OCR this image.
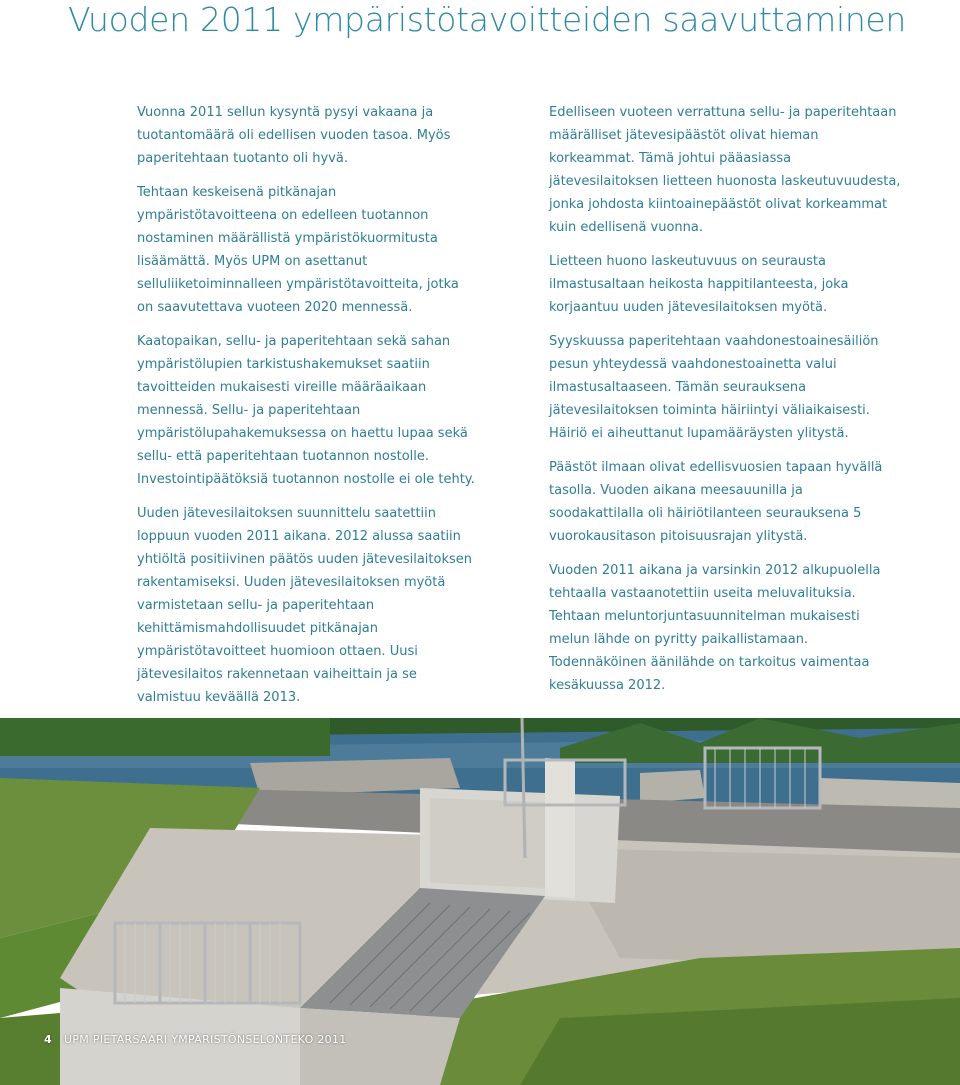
Vuoden 2011 ympäristötavoitteiden saavuttaminen

Vuonna 2011 sellun kysyntä pysyi vakaana ja tuotantomäärä oli edellisen vuoden tasoa. Myös paperitehtaan tuotanto oli hyvä.

Tehtaan keskeisenä pitkänajan ympäristötavoitteena on edelleen tuotannon nostaminen määrällistä ympäristökuormitusta lisäämättä. Myös UPM on asettanut selluliiketoiminnalleen ympäristötavoitteita, jotka on saavutettava vuoteen 2020 mennessä.

Kaatopaikan, sellu- ja paperitehtaan sekä sahan ympäristölupien tarkistushakemukset saatiin tavoitteiden mukaisesti vireille määräaikaan mennessä. Sellu- ja paperitehtaan ympäristölupahakemuksessa on haettu lupaa sekä sellu- että paperitehtaan tuotannon nostolle. Investointipäätöksiä tuotannon nostolle ei ole tehty.

Uuden jätevesilaitoksen suunnittelu saatettiin loppuun vuoden 2011 aikana. 2012 alussa saatiin yhtiöltä positiivinen päätös uuden jätevesilaitoksen rakentamiseksi. Uuden jätevesilaitoksen myötä varmistetaan sellu- ja paperitehtaan kehittämismahdollisuudet pitkänajan ympäristötavoitteet huomioon ottaen. Uusi jätevesilaitos rakennetaan vaiheittain ja se valmistuu keväällä 2013.

Edelliseen vuoteen verrattuna sellu- ja paperitehtaan määrälliset jätevesipäästöt olivat hieman korkeammat. Tämä johtui pääasiassa jätevesilaitoksen lietteen huonosta laskeutuvuudesta, jonka johdosta kiintoainepäästöt olivat korkeammat kuin edellisenä vuonna.

Lietteen huono laskeutuvuus on seurausta ilmastusaltaan heikosta happitilanteesta, joka korjaantuu uuden jätevesilaitoksen myötä.

Syyskuussa paperitehtaan vaahdonestoainesäiliön pesun yhteydessä vaahdonestoainetta valui ilmastusaltaaseen. Tämän seurauksena jätevesilaitoksen toiminta häiriintyi väliaikaisesti. Häiriö ei aiheuttanut lupamääräysten ylitystä.

Päästöt ilmaan olivat edellisvuosien tapaan hyvällä tasolla. Vuoden aikana meesauunilla ja soodakattilalla oli häiriötilanteen seurauksena 5 vuorokausitason pitoisuusrajan ylitystä.

Vuoden 2011 aikana ja varsinkin 2012 alkupuolella tehtaalla vastaanotettiin useita meluvalituksia. Tehtaan meluntorjuntasuunnitelman mukaisesti melun lähde on pyritty paikallistamaan. Todennäköinen äänilähde on tarkoitus vaimentaa kesäkuussa 2012.

4 UPM PIETARSAARI YMPÄRISTÖNSELONTEKO 2011
